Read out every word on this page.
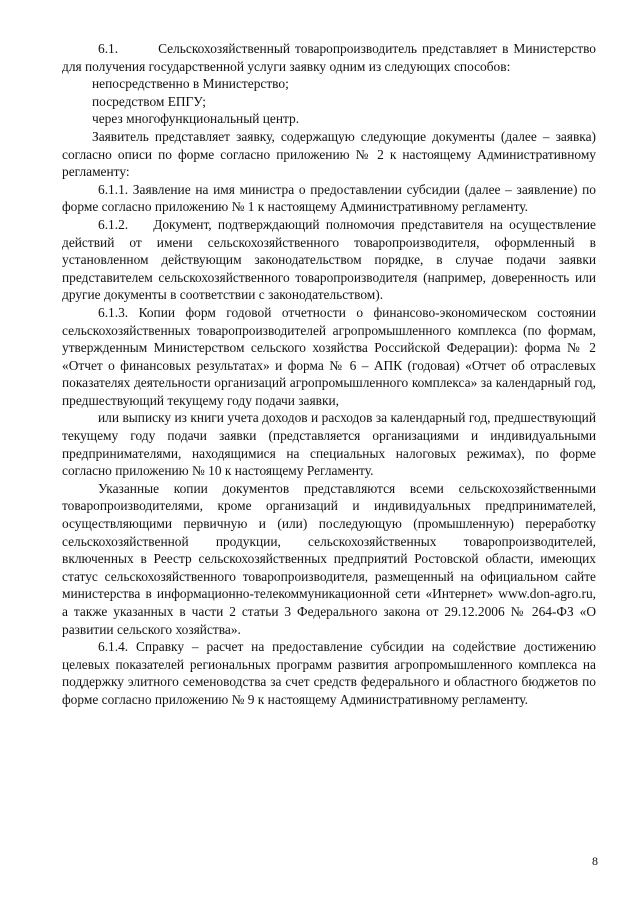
6.1.        Сельскохозяйственный товаропроизводитель представляет в Министерство для получения государственной услуги заявку одним из следующих способов:

непосредственно в Министерство;

посредством ЕПГУ;

через многофункциональный центр.

Заявитель представляет заявку, содержащую следующие документы (далее – заявка) согласно описи по форме согласно приложению № 2 к настоящему Административному регламенту:

6.1.1. Заявление на имя министра о предоставлении субсидии (далее – заявление) по форме согласно приложению № 1 к настоящему Административному регламенту.

6.1.2.    Документ, подтверждающий полномочия представителя на осуществление действий от имени сельскохозяйственного товаропроизводителя, оформленный в установленном действующим законодательством порядке, в случае подачи заявки представителем сельскохозяйственного товаропроизводителя (например, доверенность или другие документы в соответствии с законодательством).

6.1.3. Копии форм годовой отчетности о финансово-экономическом состоянии сельскохозяйственных товаропроизводителей агропромышленного комплекса (по формам, утвержденным Министерством сельского хозяйства Российской Федерации): форма № 2 «Отчет о финансовых результатах» и форма № 6 – АПК (годовая) «Отчет об отраслевых показателях деятельности организаций агропромышленного комплекса» за календарный год, предшествующий текущему году подачи заявки,

или выписку из книги учета доходов и расходов за календарный год, предшествующий текущему году подачи заявки (представляется организациями и индивидуальными предпринимателями, находящимися на специальных налоговых режимах), по форме согласно приложению № 10 к настоящему Регламенту.

Указанные копии документов представляются всеми сельскохозяйственными товаропроизводителями, кроме организаций и индивидуальных предпринимателей, осуществляющими первичную и (или) последующую (промышленную) переработку сельскохозяйственной продукции, сельскохозяйственных товаропроизводителей, включенных в Реестр сельскохозяйственных предприятий Ростовской области, имеющих статус сельскохозяйственного товаропроизводителя, размещенный на официальном сайте министерства в информационно-телекоммуникационной сети «Интернет» www.don-agro.ru, а также указанных в части 2 статьи 3 Федерального закона от 29.12.2006 № 264-ФЗ «О развитии сельского хозяйства».

6.1.4. Справку – расчет на предоставление субсидии на содействие достижению целевых показателей региональных программ развития агропромышленного комплекса на поддержку элитного семеноводства за счет средств федерального и областного бюджетов по форме согласно приложению № 9 к настоящему Административному регламенту.

8
